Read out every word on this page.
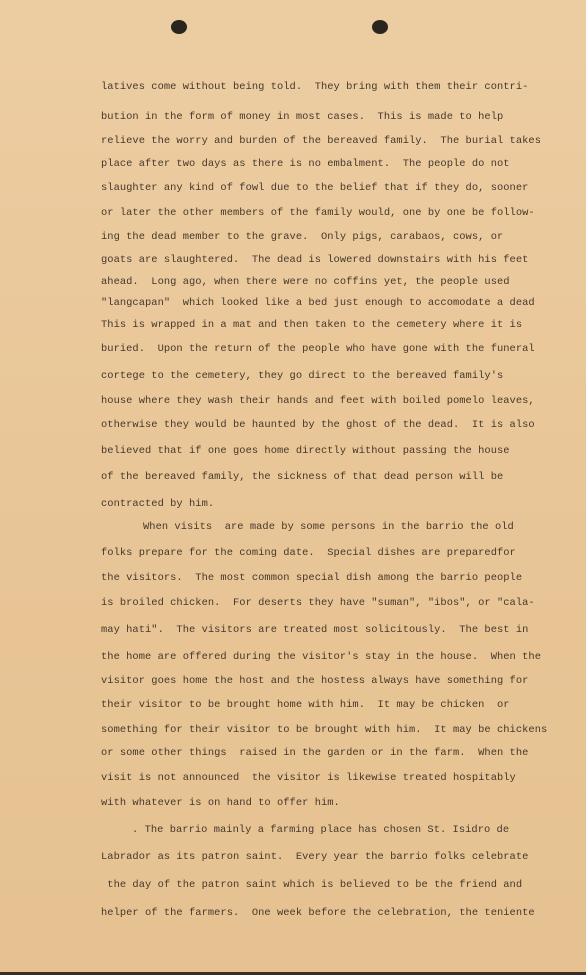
latives come without being told.  They bring with them their contri-
bution in the form of money in most cases.  This is made to help
relieve the worry and burden of the bereaved family.  The burial takes
place after two days as there is no embalment.  The people do not
slaughter any kind of fowl due to the belief that if they do, sooner
or later the other members of the family would, one by one be follow-
ing the dead member to the grave.  Only pigs, carabaos, cows, or
goats are slaughtered.  The dead is lowered downstairs with his feet
ahead.  Long ago, when there were no coffins yet, the people used
"langcapan"  which looked like a bed just enough to accomodate a dead
This is wrapped in a mat and then taken to the cemetery where it is
buried.  Upon the return of the people who have gone with the funeral
cortege to the cemetery, they go direct to the bereaved family's
house where they wash their hands and feet with boiled pomelo leaves,
otherwise they would be haunted by the ghost of the dead.  It is also
believed that if one goes home directly without passing the house
of the bereaved family, the sickness of that dead person will be
contracted by him.
When visits  are made by some persons in the barrio the old
folks prepare for the coming date.  Special dishes are preparedfor
the visitors.  The most common special dish among the barrio people
is broiled chicken.  For deserts they have "suman", "ibos", or "cala-
may hati".  The visitors are treated most solicitously.  The best in
the home are offered during the visitor's stay in the house.  When the
visitor goes home the host and the hostess always have something for
their visitor to be brought home with him.  It may be chicken  or
something for their visitor to be brought with him.  It may be chickens
or some other things  raised in the garden or in the farm.  When the
visit is not announced  the visitor is likewise treated hospitably
with whatever is on hand to offer him.
. The barrio mainly a farming place has chosen St. Isidro de
Labrador as its patron saint.  Every year the barrio folks celebrate
the day of the patron saint which is believed to be the friend and
helper of the farmers.  One week before the celebration, the teniente
